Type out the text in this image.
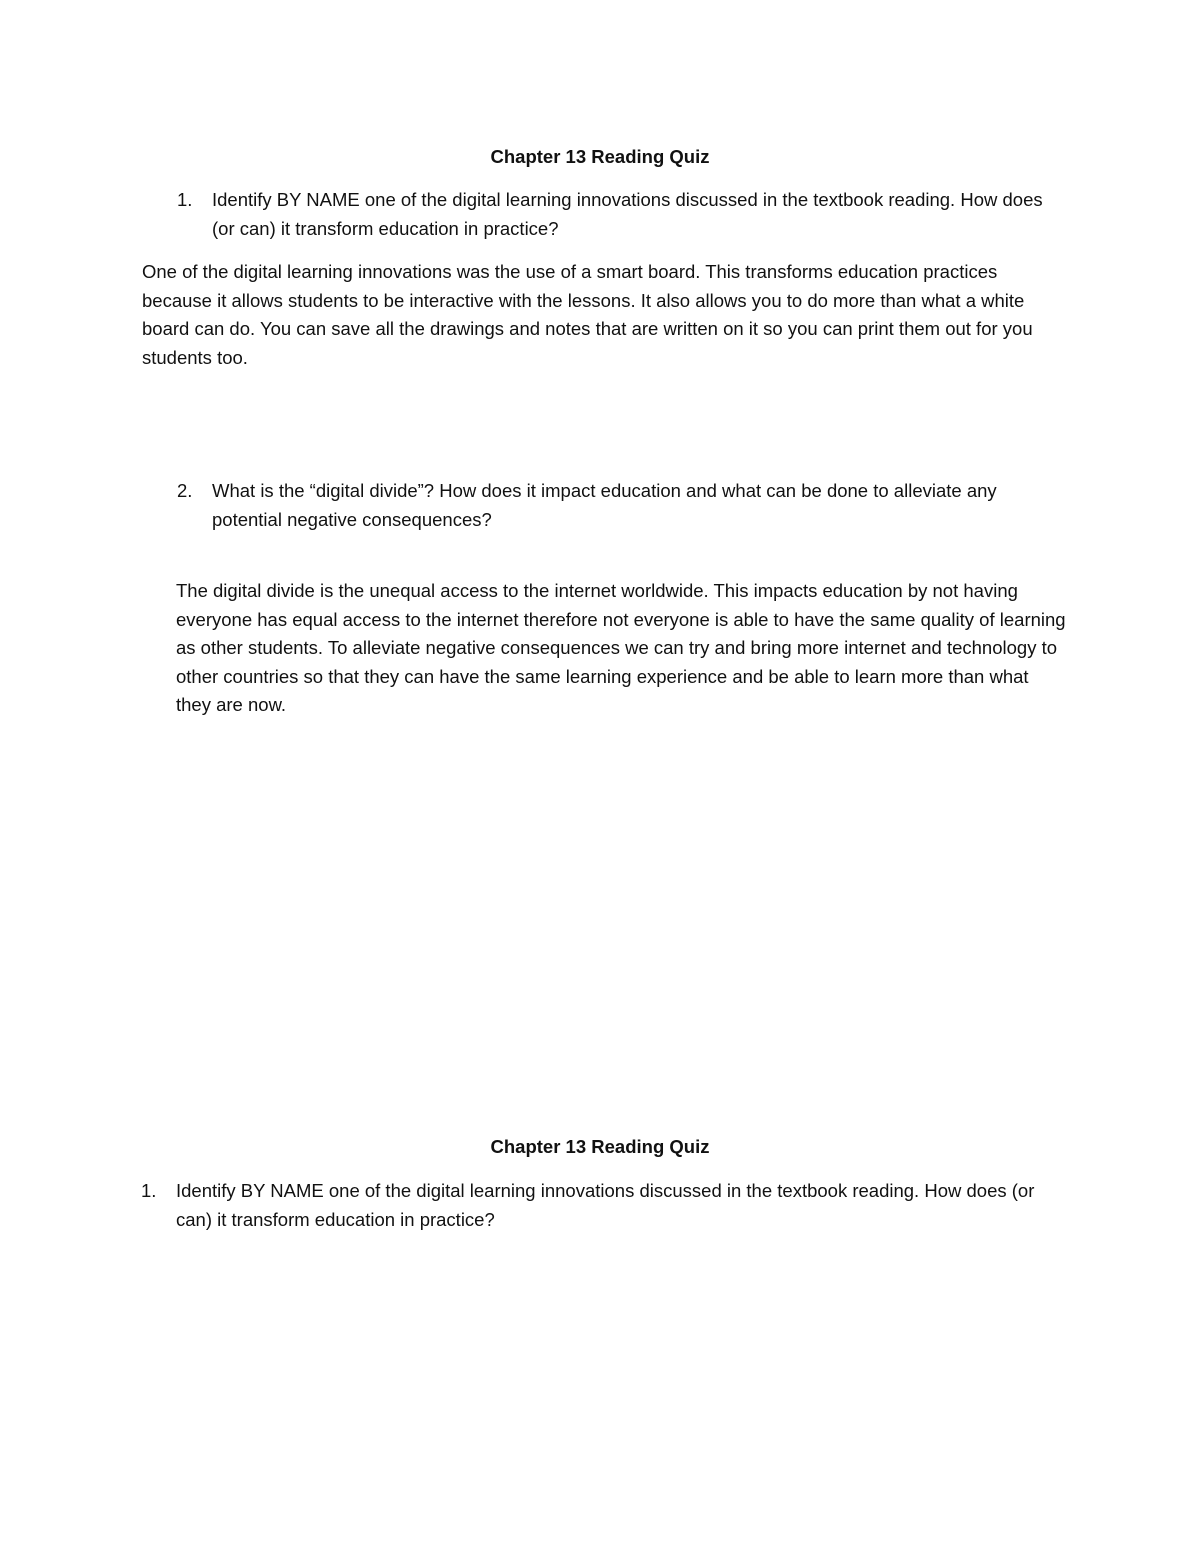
Chapter 13 Reading Quiz
1. Identify BY NAME one of the digital learning innovations discussed in the textbook reading. How does (or can) it transform education in practice?
One of the digital learning innovations was the use of a smart board. This transforms education practices because it allows students to be interactive with the lessons. It also allows you to do more than what a white board can do. You can save all the drawings and notes that are written on it so you can print them out for you students too.
2. What is the “digital divide”? How does it impact education and what can be done to alleviate any potential negative consequences?
The digital divide is the unequal access to the internet worldwide. This impacts education by not having everyone has equal access to the internet therefore not everyone is able to have the same quality of learning as other students. To alleviate negative consequences we can try and bring more internet and technology to other countries so that they can have the same learning experience and be able to learn more than what they are now.
Chapter 13 Reading Quiz
1. Identify BY NAME one of the digital learning innovations discussed in the textbook reading. How does (or can) it transform education in practice?
